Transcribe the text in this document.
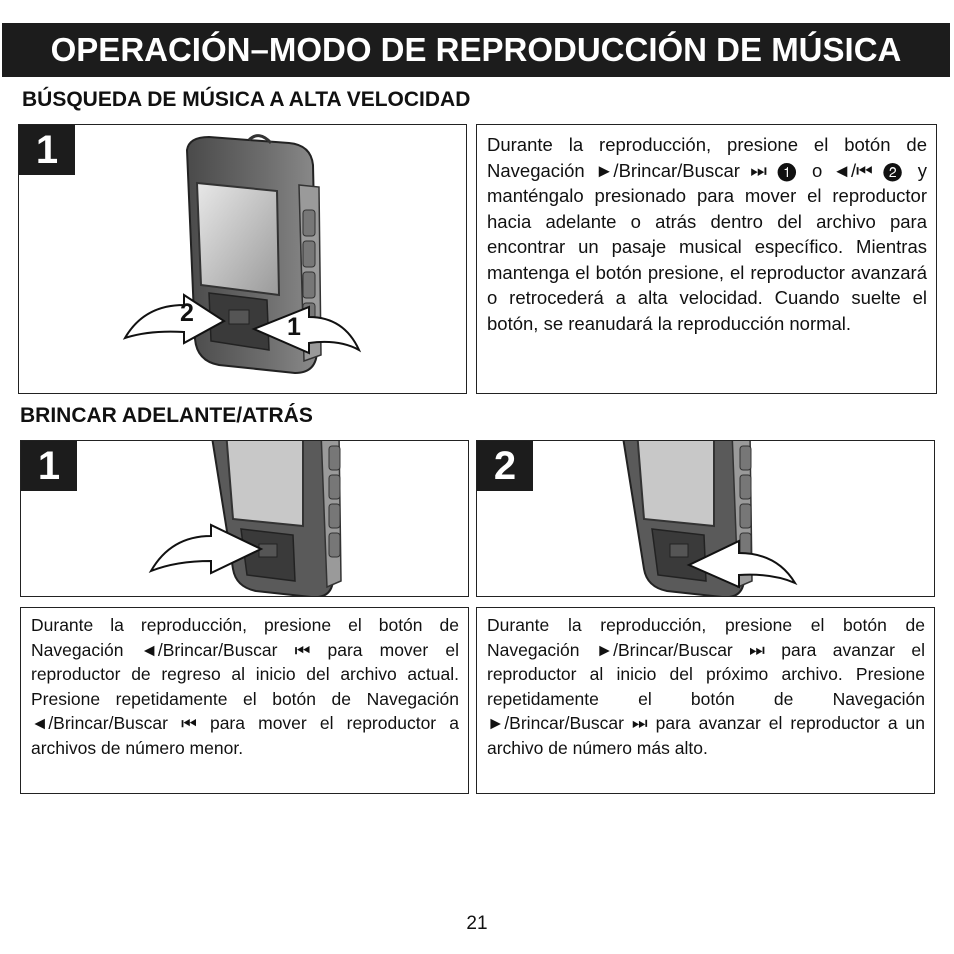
OPERACIÓN–MODO DE REPRODUCCIÓN DE MÚSICA
BÚSQUEDA DE MÚSICA A ALTA VELOCIDAD
1
2	1
Durante la reproducción, presione el botón de Navegación ►/Brincar/Buscar ⏭ ❶ o ◄/⏮ ❷ y manténgalo presionado para mover el reproductor hacia adelante o atrás dentro del archivo para encontrar un pasaje musical específico. Mientras mantenga el botón presione, el reproductor avanzará o retrocederá a alta velocidad. Cuando suelte el botón, se reanudará la reproducción normal.
BRINCAR ADELANTE/ATRÁS
1	2
Durante la reproducción, presione el botón de Navegación ◄/Brincar/Buscar ⏮ para mover el reproductor de regreso al inicio del archivo actual. Presione repetidamente el botón de Navegación ◄/Brincar/Buscar ⏮ para mover el reproductor a archivos de número menor.
Durante la reproducción, presione el botón de Navegación ►/Brincar/Buscar ⏭ para avanzar el reproductor al inicio del próximo archivo. Presione repetidamente el botón de Navegación ►/Brincar/Buscar ⏭ para avanzar el reproductor a un archivo de número más alto.
21
